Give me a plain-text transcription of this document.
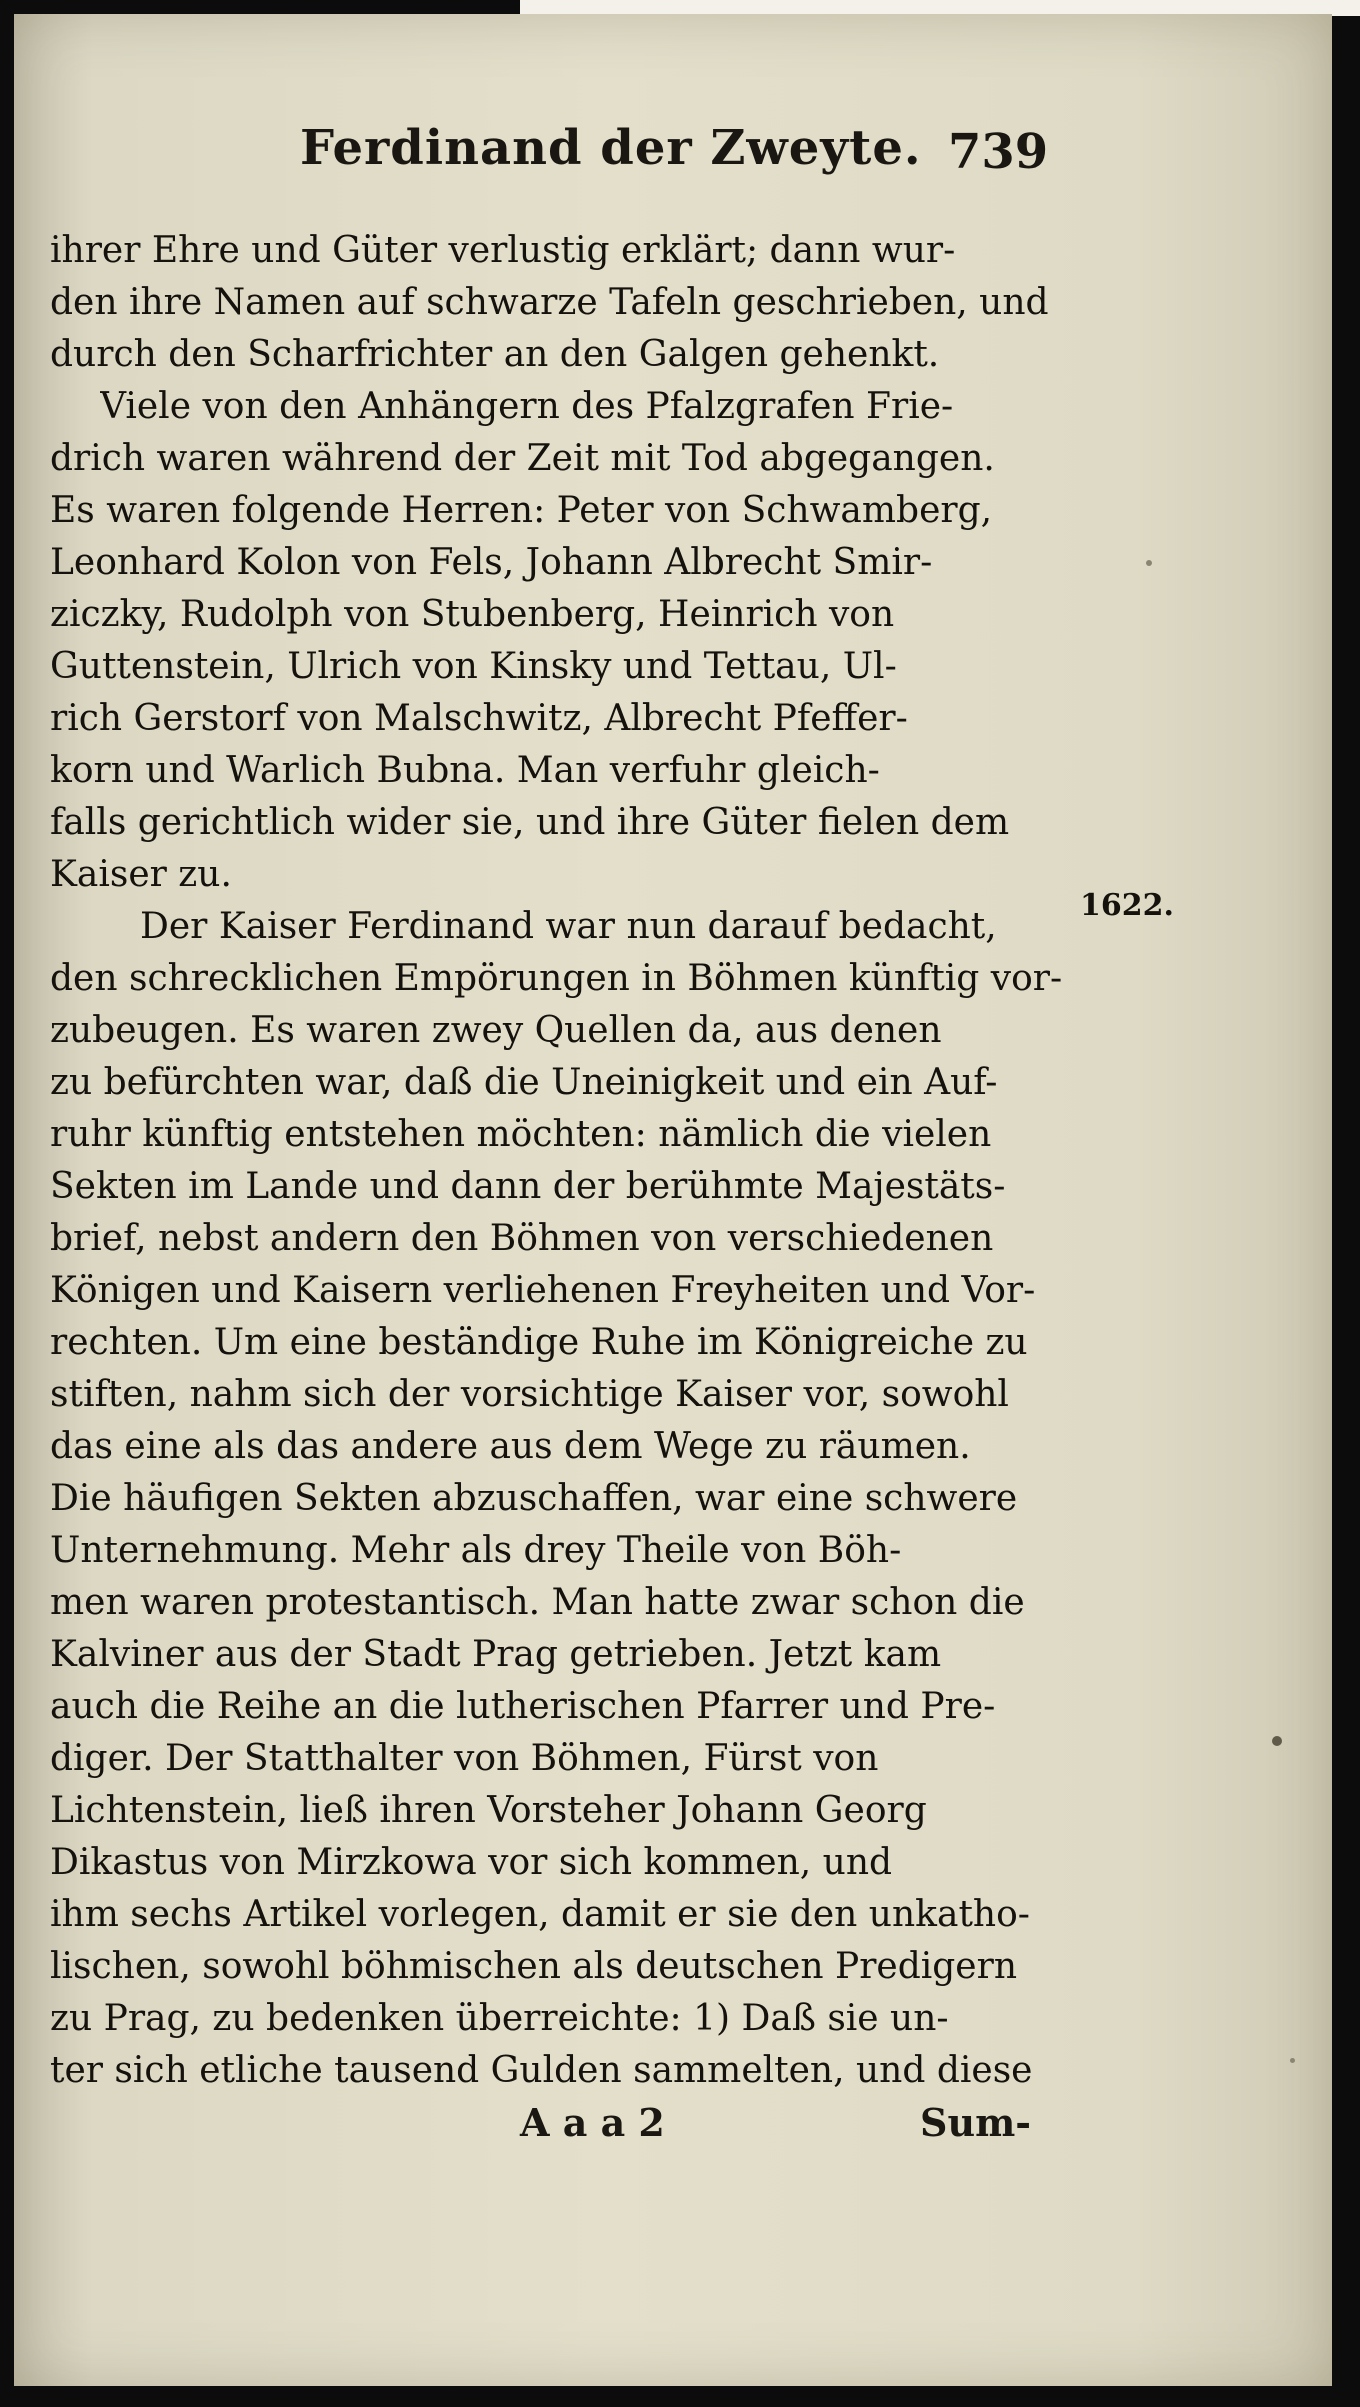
Ferdinand der Zweyte. 739
ihrer Ehre und Güter verlustig erklärt; dann wur-
den ihre Namen auf schwarze Tafeln geschrieben, und
durch den Scharfrichter an den Galgen gehenkt.
Viele von den Anhängern des Pfalzgrafen Frie-
drich waren während der Zeit mit Tod abgegangen.
Es waren folgende Herren: Peter von Schwamberg,
Leonhard Kolon von Fels, Johann Albrecht Smir-
ziczky, Rudolph von Stubenberg, Heinrich von
Guttenstein, Ulrich von Kinsky und Tettau, Ul-
rich Gerstorf von Malschwitz, Albrecht Pfeffer-
korn und Warlich Bubna. Man verfuhr gleich-
falls gerichtlich wider sie, und ihre Güter fielen dem
Kaiser zu.
Der Kaiser Ferdinand war nun darauf bedacht,
den schrecklichen Empörungen in Böhmen künftig vor-
zubeugen. Es waren zwey Quellen da, aus denen
zu befürchten war, daß die Uneinigkeit und ein Auf-
ruhr künftig entstehen möchten: nämlich die vielen
Sekten im Lande und dann der berühmte Majestäts-
brief, nebst andern den Böhmen von verschiedenen
Königen und Kaisern verliehenen Freyheiten und Vor-
rechten. Um eine beständige Ruhe im Königreiche zu
stiften, nahm sich der vorsichtige Kaiser vor, sowohl
das eine als das andere aus dem Wege zu räumen.
Die häufigen Sekten abzuschaffen, war eine schwere
Unternehmung. Mehr als drey Theile von Böh-
men waren protestantisch. Man hatte zwar schon die
Kalviner aus der Stadt Prag getrieben. Jetzt kam
auch die Reihe an die lutherischen Pfarrer und Pre-
diger. Der Statthalter von Böhmen, Fürst von
Lichtenstein, ließ ihren Vorsteher Johann Georg
Dikastus von Mirzkowa vor sich kommen, und
ihm sechs Artikel vorlegen, damit er sie den unkatho-
lischen, sowohl böhmischen als deutschen Predigern
zu Prag, zu bedenken überreichte: 1) Daß sie un-
ter sich etliche tausend Gulden sammelten, und diese
1622.
A a a 2	Sum-
